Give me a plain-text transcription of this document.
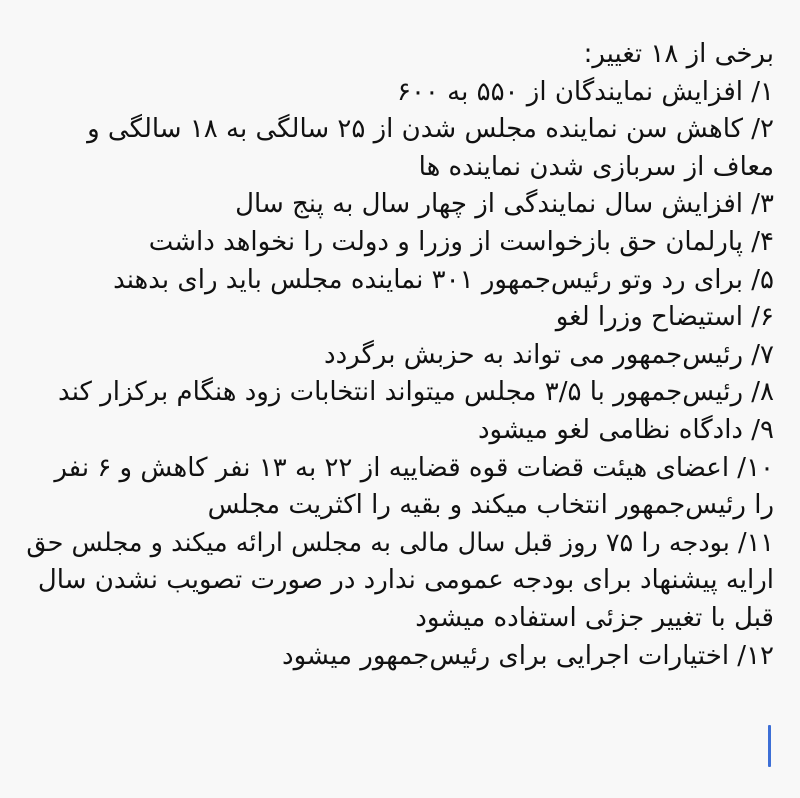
برخی از ۱۸ تغییر:
۱/ افزایش نمایندگان از ۵۵۰ به ۶۰۰
۲/ کاهش سن نماینده مجلس شدن از ۲۵ سالگی به ۱۸ سالگی و
معاف از سربازی شدن نماینده ها
۳/ افزایش سال نمایندگی از چهار سال به پنج سال
۴/ پارلمان حق بازخواست از وزرا و دولت را نخواهد داشت
۵/ برای رد وتو رئیس‌جمهور ۳۰۱ نماینده مجلس باید رای بدهند
۶/ استیضاح وزرا لغو
۷/ رئیس‌جمهور می تواند به حزبش برگردد
۸/ رئیس‌جمهور با ۳/۵ مجلس میتواند انتخابات زود هنگام برکزار کند
۹/ دادگاه نظامی لغو میشود
۱۰/ اعضای هیئت قضات قوه قضاییه از ۲۲ به ۱۳ نفر کاهش و ۶ نفر
را رئیس‌جمهور انتخاب میکند و بقیه را اکثریت مجلس
۱۱/ بودجه را ۷۵ روز قبل سال مالی به مجلس ارائه میکند و مجلس حق
ارایه پیشنهاد برای بودجه عمومی ندارد در صورت تصویب نشدن سال
قبل با تغییر جزئی استفاده میشود
۱۲/ اختیارات اجرایی برای رئیس‌جمهور میشود
